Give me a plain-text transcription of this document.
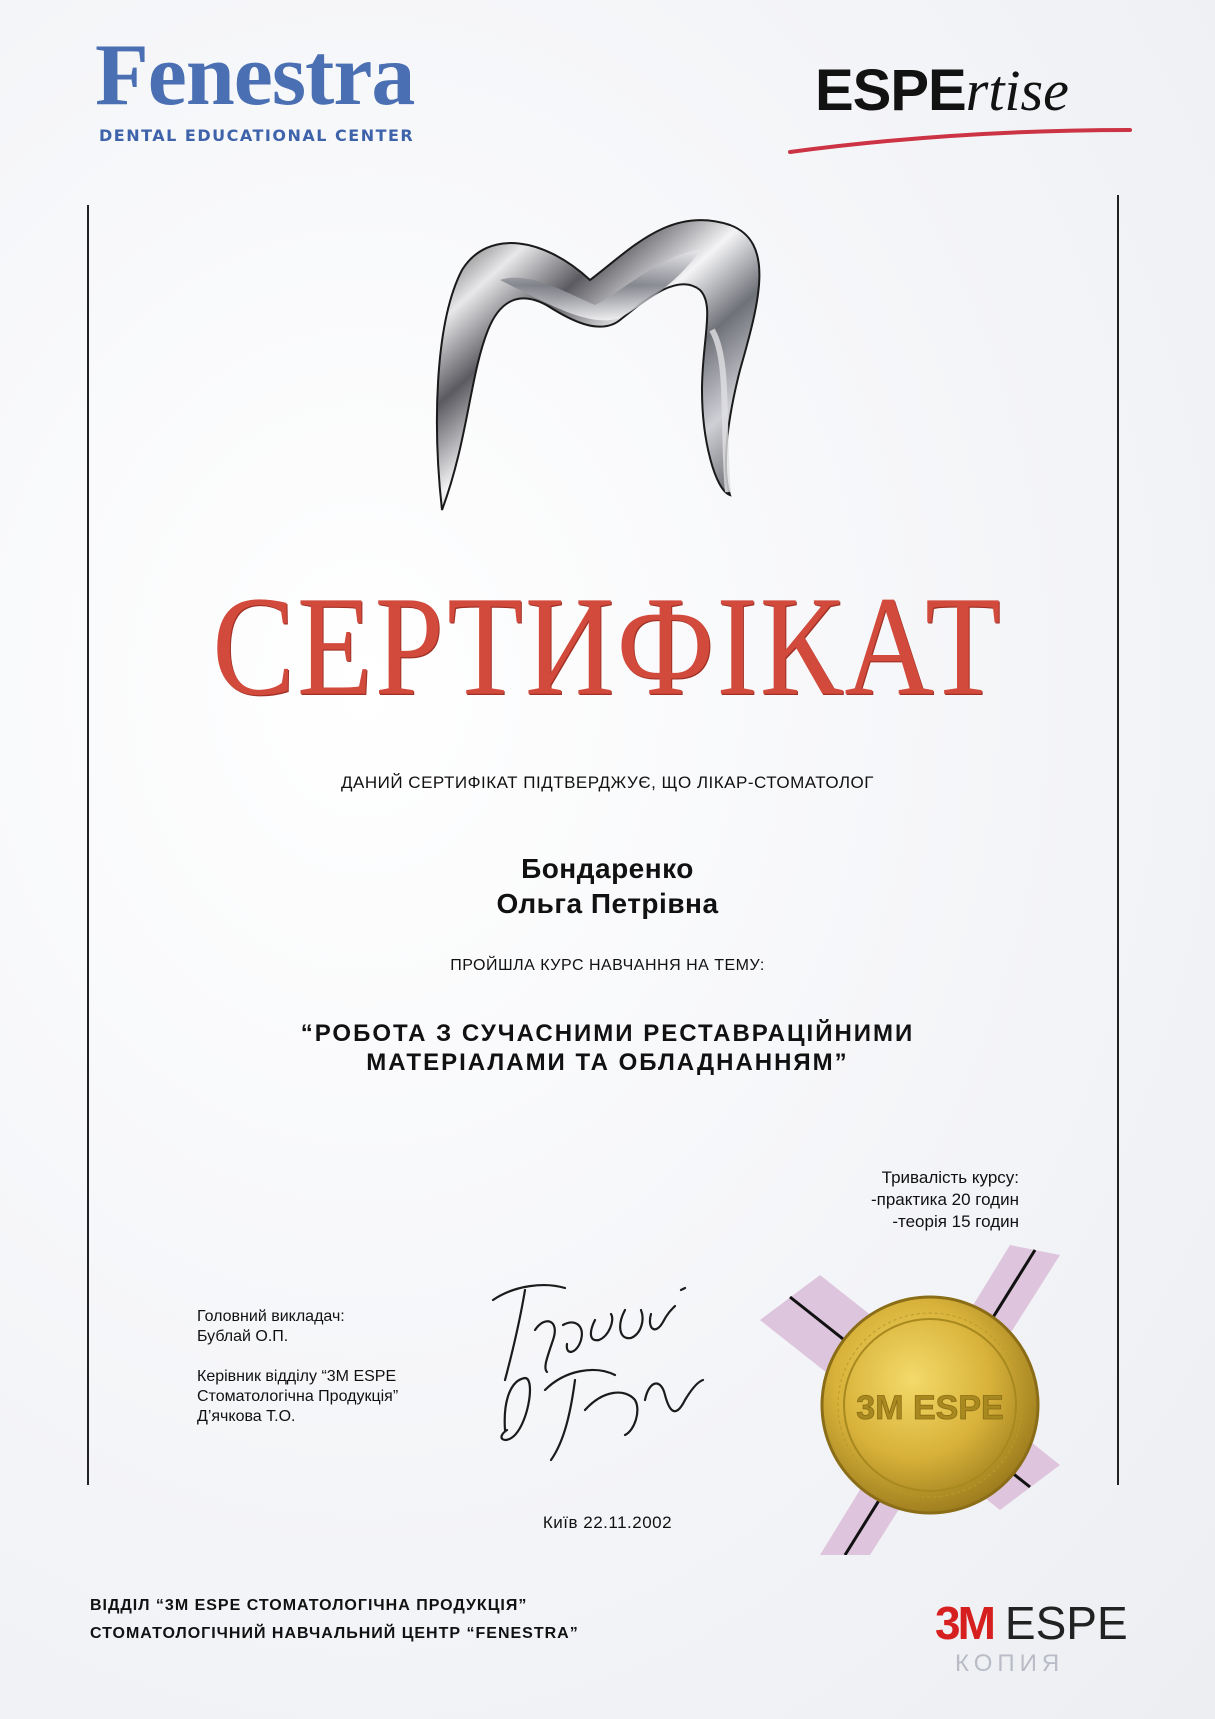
Fenestra
DENTAL EDUCATIONAL CENTER
ESPErtise
СЕРТИФІКАТ
ДАНИЙ СЕРТИФІКАТ ПІДТВЕРДЖУЄ, ЩО ЛІКАР-СТОМАТОЛОГ
Бондаренко
Ольга Петрівна
ПРОЙШЛА КУРС НАВЧАННЯ НА ТЕМУ:
“РОБОТА З СУЧАСНИМИ РЕСТАВРАЦІЙНИМИ
МАТЕРІАЛАМИ ТА ОБЛАДНАННЯМ”
Тривалість курсу:
-практика 20 годин
-теорія 15 годин
Головний викладач:
Бублай О.П.
Керівник відділу “3M ESPE
Стоматологічна Продукція”
Д’ячкова Т.О.	3M ESPE
Київ 22.11.2002
ВІДДІЛ “3M ESPE СТОМАТОЛОГІЧНА ПРОДУКЦІЯ”
СТОМАТОЛОГІЧНИЙ НАВЧАЛЬНИЙ ЦЕНТР “FENESTRA”	3M ESPE
КОПИЯ
